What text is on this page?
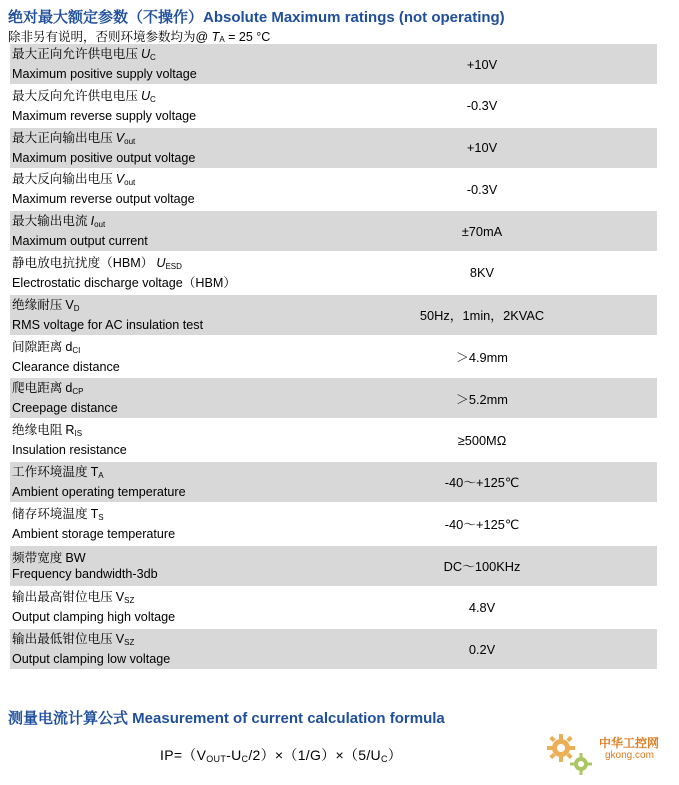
绝对最大额定参数（不操作）Absolute Maximum ratings (not operating)
除非另有说明，否则环境参数均为@ $T_A = 25$ °C
最大正向允许供电电压 $U_C$
Maximum positive supply voltage
+10V
最大反向允许供电电压 $U_C$
Maximum reverse supply voltage
-0.3V
最大正向输出电压 $V_{out}$
Maximum positive output voltage
+10V
最大反向输出电压 $V_{out}$
Maximum reverse output voltage
-0.3V
最大输出电流 $I_{out}$
Maximum output current
±70mA
静电放电抗扰度（HBM） $U_{ESD}$
Electrostatic discharge voltage（HBM）
8KV
绝缘耐压 $V_D$
RMS voltage for AC insulation test
50Hz，1min，2KVAC
间隙距离 $d_{CI}$
Clearance distance
＞4.9mm
爬电距离 $d_{CP}$
Creepage distance
＞5.2mm
绝缘电阻 $R_{IS}$
Insulation resistance
≥500MΩ
工作环境温度 $T_A$
Ambient operating temperature
-40～+125℃
储存环境温度 $T_S$
Ambient storage temperature
-40～+125℃
频带宽度 BW
Frequency bandwidth-3db	DC～100KHz
输出最高钳位电压 $V_{SZ}$
Output clamping high voltage
4.8V
输出最低钳位电压 $V_{SZ}$
Output clamping low voltage
0.2V
测量电流计算公式 Measurement of current calculation formula
$IP=(V_{OUT}-U_C/2)\times(1/G)\times(5/U_C)$
中华工控网
gkong.com
